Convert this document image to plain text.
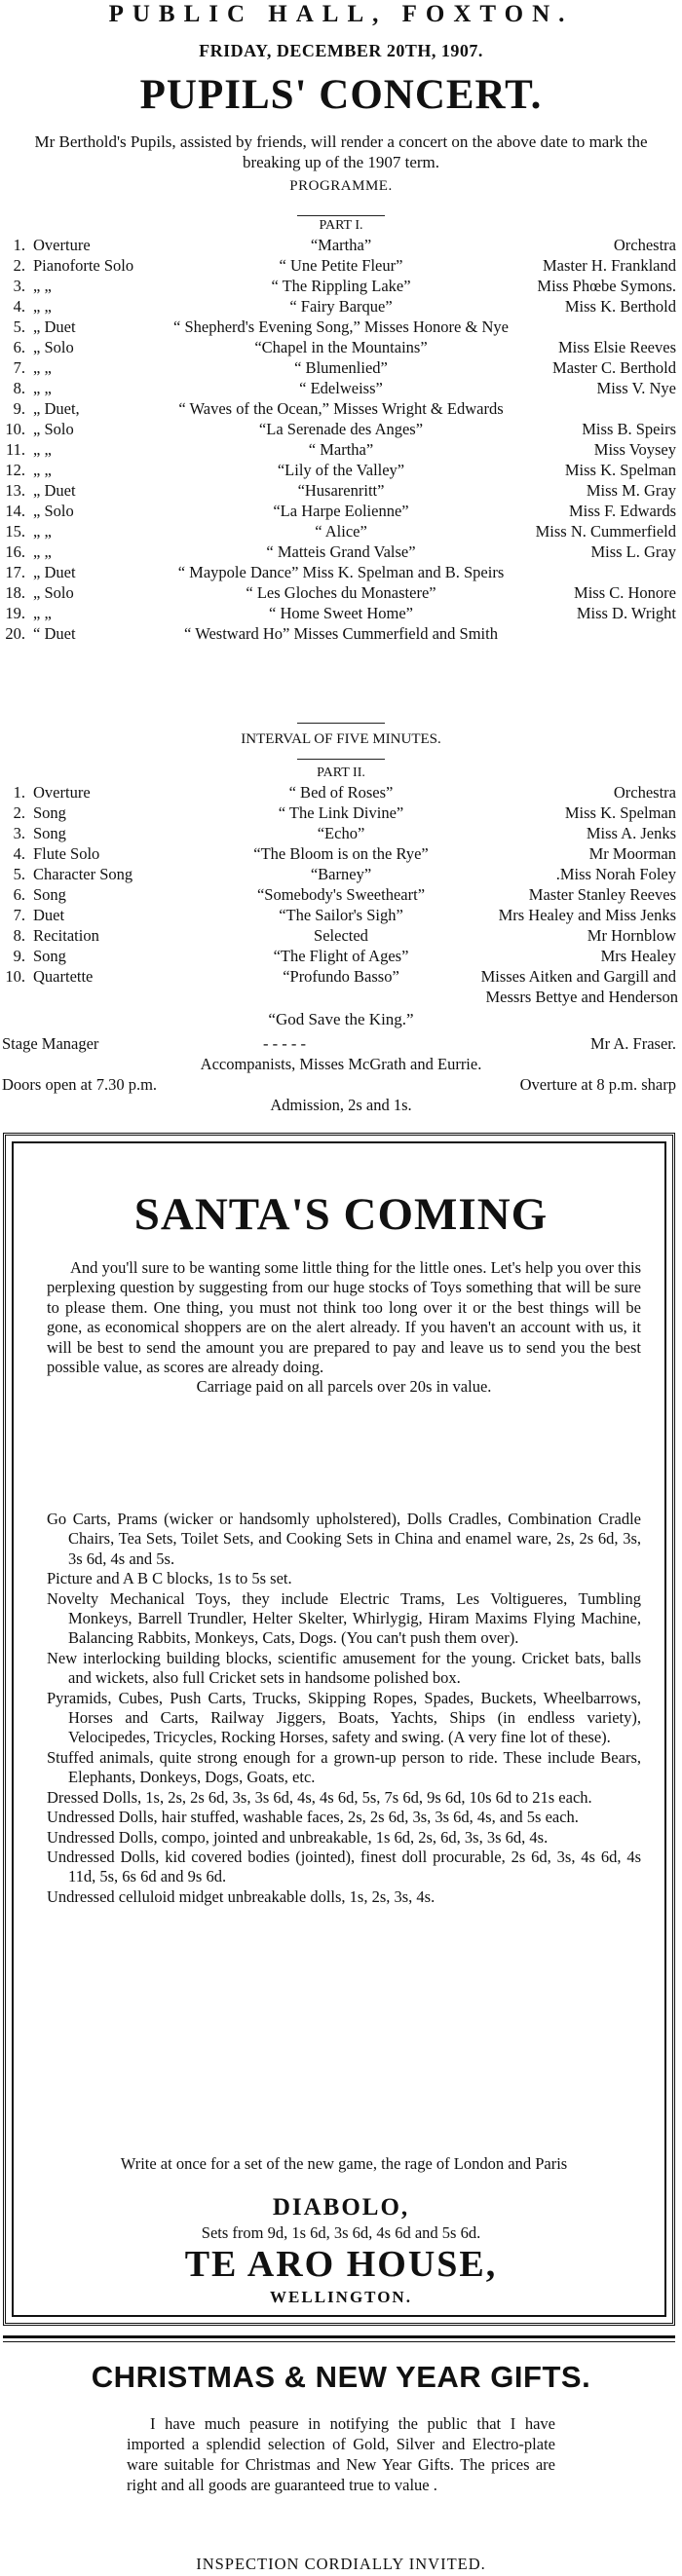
PUBLIC HALL, FOXTON.
FRIDAY, DECEMBER 20TH, 1907.
PUPILS' CONCERT.
Mr Berthold's Pupils, assisted by friends, will render a concert on the above date to mark the breaking up of the 1907 term.
PROGRAMME.
PART I.
1. Overture	“Martha”	Orchestra
2. Pianoforte Solo	“ Une Petite Fleur”	Master H. Frankland
3. „ „	“ The Rippling Lake”	Miss Phœbe Symons.
4. „ „	“ Fairy Barque”	Miss K. Berthold
5. „ Duet	“ Shepherd's Evening Song,” Misses Honore & Nye
6. „ Solo	“Chapel in the Mountains”	Miss Elsie Reeves
7. „ „	“ Blumenlied”	Master C. Berthold
8. „ „	“ Edelweiss”	Miss V. Nye
9. „ Duet,	“ Waves of the Ocean,” Misses Wright & Edwards
10. „ Solo	“La Serenade des Anges”	Miss B. Speirs
11. „ „	“ Martha”	Miss Voysey
12. „ „	“Lily of the Valley”	Miss K. Spelman
13. „ Duet	“Husarenritt”	Miss M. Gray
14. „ Solo	“La Harpe Eolienne”	Miss F. Edwards
15. „ „	“ Alice”	Miss N. Cummerfield
16. „ „	“ Matteis Grand Valse”	Miss L. Gray
17. „ Duet	“ Maypole Dance” Miss K. Spelman and B. Speirs
18. „ Solo	“ Les Gloches du Monastere”	Miss C. Honore
19. „ „	“ Home Sweet Home”	Miss D. Wright
20. “ Duet	“ Westward Ho” Misses Cummerfield and Smith
INTERVAL OF FIVE MINUTES.
PART II.
1. Overture	“ Bed of Roses”	Orchestra
2. Song	“ The Link Divine”	Miss K. Spelman
3. Song	“Echo”	Miss A. Jenks
4. Flute Solo	“The Bloom is on the Rye”	Mr Moorman
5. Character Song	“Barney”	.Miss Norah Foley
6. Song	“Somebody's Sweetheart”	Master Stanley Reeves
7. Duet	“The Sailor's Sigh”	Mrs Healey and Miss Jenks
8. Recitation	Selected	Mr Hornblow
9. Song	“The Flight of Ages”	Mrs Healey
10. Quartette	“Profundo Basso”	Misses Aitken and Gargill and
Messrs Bettye and Henderson
“God Save the King.”
Stage Manager	- - - - -	Mr A. Fraser.
Accompanists, Misses McGrath and Eurrie.
Doors open at 7.30 p.m.	Overture at 8 p.m. sharp
Admission, 2s and 1s.
SANTA'S COMING

And you'll sure to be wanting some little thing for the little ones. Let's help you over this perplexing question by suggesting from our huge stocks of Toys something that will be sure to please them. One thing, you must not think too long over it or the best things will be gone, as economical shoppers are on the alert already. If you haven't an account with us, it will be best to send the amount you are prepared to pay and leave us to send you the best possible value, as scores are already doing.

Carriage paid on all parcels over 20s in value.

Go Carts, Prams (wicker or handsomly upholstered), Dolls Cradles, Combination Cradle Chairs, Tea Sets, Toilet Sets, and Cooking Sets in China and enamel ware, 2s, 2s 6d, 3s, 3s 6d, 4s and 5s.
Picture and A B C blocks, 1s to 5s set.
Novelty Mechanical Toys, they include Electric Trams, Les Voltigueres, Tumbling Monkeys, Barrell Trundler, Helter Skelter, Whirlygig, Hiram Maxims Flying Machine, Balancing Rabbits, Monkeys, Cats, Dogs. (You can't push them over).
New interlocking building blocks, scientific amusement for the young. Cricket bats, balls and wickets, also full Cricket sets in handsome polished box.
Pyramids, Cubes, Push Carts, Trucks, Skipping Ropes, Spades, Buckets, Wheelbarrows, Horses and Carts, Railway Jiggers, Boats, Yachts, Ships (in endless variety), Velocipedes, Tricycles, Rocking Horses, safety and swing. (A very fine lot of these).
Stuffed animals, quite strong enough for a grown-up person to ride. These include Bears, Elephants, Donkeys, Dogs, Goats, etc.
Dressed Dolls, 1s, 2s, 2s 6d, 3s, 3s 6d, 4s, 4s 6d, 5s, 7s 6d, 9s 6d, 10s 6d to 21s each.
Undressed Dolls, hair stuffed, washable faces, 2s, 2s 6d, 3s, 3s 6d, 4s, and 5s each.
Undressed Dolls, compo, jointed and unbreakable, 1s 6d, 2s, 6d, 3s, 3s 6d, 4s.
Undressed Dolls, kid covered bodies (jointed), finest doll procurable, 2s 6d, 3s, 4s 6d, 4s 11d, 5s, 6s 6d and 9s 6d.
Undressed celluloid midget unbreakable dolls, 1s, 2s, 3s, 4s.
Write at once for a set of the new game, the rage of London and Paris
DIABOLO,
Sets from 9d, 1s 6d, 3s 6d, 4s 6d and 5s 6d.
TE ARO HOUSE,
WELLINGTON.
CHRISTMAS & NEW YEAR GIFTS.

I have much peasure in notifying the public that I have imported a splendid selection of Gold, Silver and Electro-plate ware suitable for Christmas and New Year Gifts. The prices are right and all goods are guaranteed true to value .

INSPECTION CORDIALLY INVITED.
